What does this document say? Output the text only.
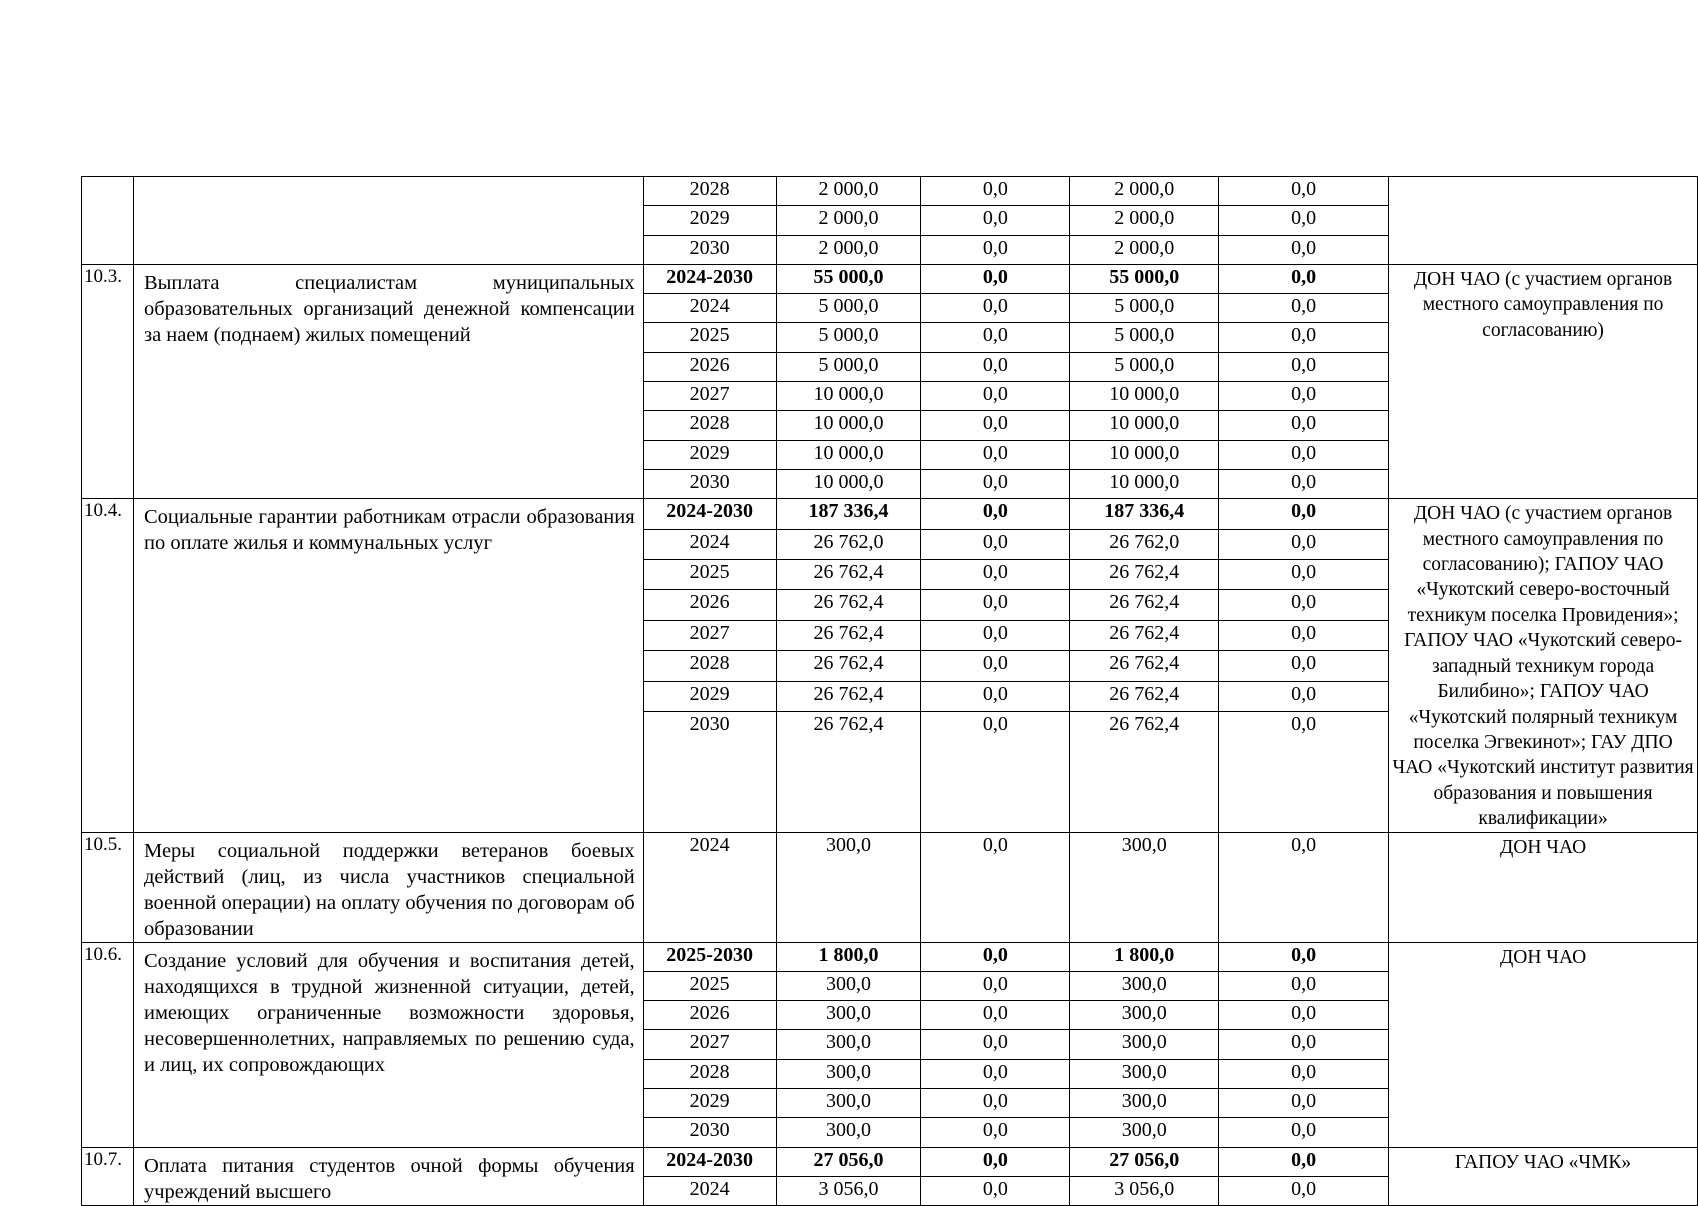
		2028	2 000,0	0,0	2 000,0	0,0	
		2029	2 000,0	0,0	2 000,0	0,0	
		2030	2 000,0	0,0	2 000,0	0,0	
10.3.	Выплата специалистам муниципальных образовательных организаций денежной компенсации за наем (поднаем) жилых помещений	2024-2030	55 000,0	0,0	55 000,0	0,0	ДОН ЧАО (с участием органов местного самоуправления по согласованию)
		2024	5 000,0	0,0	5 000,0	0,0	
		2025	5 000,0	0,0	5 000,0	0,0	
		2026	5 000,0	0,0	5 000,0	0,0	
		2027	10 000,0	0,0	10 000,0	0,0	
		2028	10 000,0	0,0	10 000,0	0,0	
		2029	10 000,0	0,0	10 000,0	0,0	
		2030	10 000,0	0,0	10 000,0	0,0	
10.4.	Социальные гарантии работникам отрасли образования по оплате жилья и коммунальных услуг	2024-2030	187 336,4	0,0	187 336,4	0,0	ДОН ЧАО (с участием органов местного самоуправления по согласованию); ГАПОУ ЧАО «Чукотский северо-восточный техникум поселка Провидения»; ГАПОУ ЧАО «Чукотский северо-западный техникум города Билибино»; ГАПОУ ЧАО «Чукотский полярный техникум поселка Эгвекинот»; ГАУ ДПО ЧАО «Чукотский институт развития образования и повышения квалификации»
		2024	26 762,0	0,0	26 762,0	0,0	
		2025	26 762,4	0,0	26 762,4	0,0	
		2026	26 762,4	0,0	26 762,4	0,0	
		2027	26 762,4	0,0	26 762,4	0,0	
		2028	26 762,4	0,0	26 762,4	0,0	
		2029	26 762,4	0,0	26 762,4	0,0	
		2030	26 762,4	0,0	26 762,4	0,0	
10.5.	Меры социальной поддержки ветеранов боевых действий (лиц, из числа участников специальной военной операции) на оплату обучения по договорам об образовании	2024	300,0	0,0	300,0	0,0	ДОН ЧАО
10.6.	Создание условий для обучения и воспитания детей, находящихся в трудной жизненной ситуации, детей, имеющих ограниченные возможности здоровья, несовершеннолетних, направляемых по решению суда, и лиц, их сопровождающих	2025-2030	1 800,0	0,0	1 800,0	0,0	ДОН ЧАО
		2025	300,0	0,0	300,0	0,0	
		2026	300,0	0,0	300,0	0,0	
		2027	300,0	0,0	300,0	0,0	
		2028	300,0	0,0	300,0	0,0	
		2029	300,0	0,0	300,0	0,0	
		2030	300,0	0,0	300,0	0,0	
10.7.	Оплата питания студентов очной формы обучения учреждений высшего	2024-2030	27 056,0	0,0	27 056,0	0,0	ГАПОУ ЧАО «ЧМК»
		2024	3 056,0	0,0	3 056,0	0,0	
